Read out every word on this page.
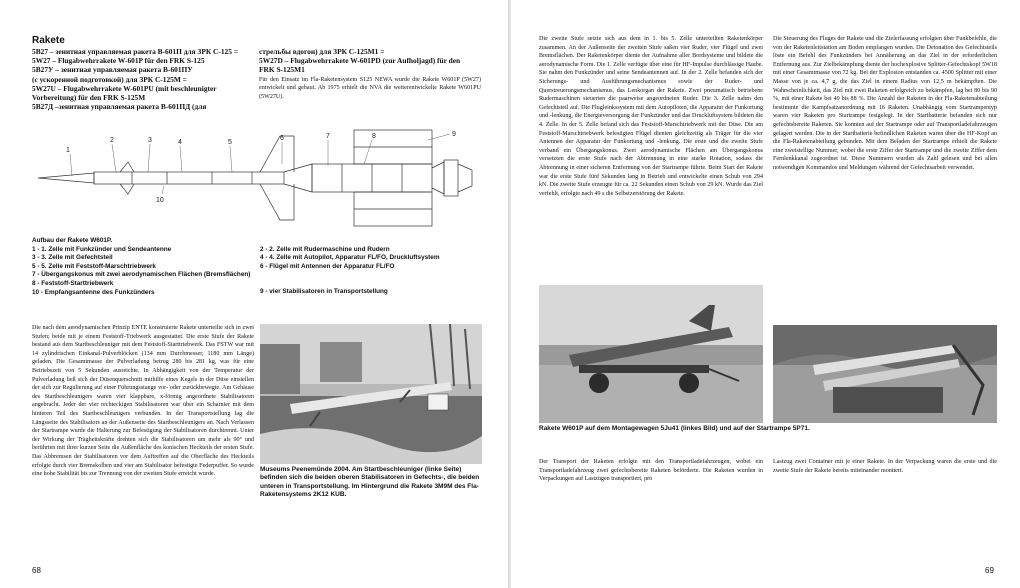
Rakete
5В27 – зенитная управляемая ракета В-601П для ЗРК С-125 =
5W27 – Flugabwehrrakete W-601P für den FRK S-125
5В27У – зенитная управляемая ракета В-601ПУ
(с ускоренной подготовкой) для ЗРК С-125М =
5W27U – Flugabwehrrakete W-601PU (mit beschleunigter
Vorbereitung) für den FRK S-125M
5В27Д –зенитная управляемая ракета В-601ПД (для
стрельбы вдогон) для ЗРК С-125М1 =
5W27D – Flugabwehrrakete W-601PD (zur Aufholjagd) für den
FRK S-125M1

Für den Einsatz im Fla-Raketensystem S125 NEWA wurde die Rakete W601P (5W27) entwickelt und gebaut. Ab 1975 erhielt die NVA die weiterentwickelte Rakete W601PU (5W27U).

1
2	3	4	5
6	7	8	9
10
Aufbau der Rakete W601P.
1 - 1. Zelle mit Funkzünder und Sendeantenne
3 - 3. Zelle mit Gefechtsteil
5 - 5. Zelle mit Feststoff-Marschtriebwerk
7 - Übergangskonus mit zwei aerodynamischen Flächen (Bremsflächen)
8 - Feststoff-Starttriebwerk
10 - Empfangsantenne des Funkzünders
2 - 2. Zelle mit Rudermaschine und Rudern
4 - 4. Zelle mit Autopilot, Apparatur FL/FO, Druckluftsystem
6 - Flügel mit Antennen der Apparatur FL/FO
9 - vier Stabilisatoren in Transportstellung

Die nach dem aerodynamischen Prinzip ENTE konstruierte Rakete unterteilte sich in zwei Stufen; beide mit je einem Feststoff-Triebwerk ausgestattet. Die erste Stufe der Rakete bestand aus dem Startbeschleuniger mit dem Feststoff-Starttriebwerk. Das FSTW war mit 14 zylindrischen Einkanal-Pulverblöcken (134 mm Durchmesser, 1180 mm Länge) geladen. Die Gesamtmasse der Pulverladung betrug 280 bis 281 kg, was für eine Betriebszeit von 5 Sekunden ausreichte. In Abhängigkeit von der Temperatur der Pulverladung ließ sich der Düsenquerschnitt mithilfe eines Kegels in der Düse einstellen der sich zur Regulierung auf einer Führungsstange vor- oder zurückbewegte. Am Gehäuse des Startbeschleunigers waren vier klappbare, x-förmig angeordnete Stabilisatoren angebracht. Jeder der vier rechteckigen Stabilisatoren war über ein Scharnier mit dem hinteren Teil des Startbeschleunigers verbunden. In der Transportstellung lag die Längsseite des Stabilisators an der Außenseite des Startbeschleunigers an. Nach Verlassen der Startrampe wurde die Halterung zur Befestigung der Stabilisatoren durchtrennt. Unter der Wirkung der Trägheitskräfte drehten sich die Stabilisatoren um mehr als 90° und berührten mit ihrer kurzen Seite die Außenfläche des konischen Heckteils der ersten Stufe. Das Abbremsen der Stabilisatoren vor dem Auftreffen auf die Oberfläche des Heckteils erfolgte durch vier Bremskolben und vier am Stabilisator befestigte Federpuffer. So wurde eine hohe Stabilität bis zur Trennung von der zweiten Stufe erreicht wurde.

Museums Peenemünde 2004. Am Startbeschleuniger (linke Seite) befinden sich die beiden oberen Stabilisatoren in Gefechts-, die beiden unteren in Transportstellung. Im Hintergrund die Rakete 3M9M des Fla-Raketensystems 2K12 KUB.

68

Die zweite Stufe setzte sich aus dem in 1. bis 5. Zelle unterteilten Raketenkörper zusammen. An der Außenseite der zweiten Stufe saßen vier Ruder, vier Flügel und zwei Bremsflächen. Der Raketenkörper diente der Aufnahme aller Bordsysteme und bildete die aerodynamische Form. Die 1. Zelle verfügte über eine für HF-Impulse durchlässige Haube. Sie nahm den Funkzünder und seine Sendeantennen auf. In der 2. Zelle befanden sich der Sicherungs- und Ausführungsmechanismus sowie der Ruder- und Querstreuerungsmechanismus, das Lenkorgan der Rakete. Zwei pneumatisch betriebene Rudermaschinen steuerten die paarweise angeordneten Ruder. Die 3. Zelle nahm den Gefechtsteil auf. Die Flugleinkssystem mit dem Autopiloten, die Apparatur der Funkortung und -lenkung, die Energieversorgung der Funkzünder und das Druckluftsystem bildeten die 4. Zelle. In der 5. Zelle befand sich das Feststoff-Marschtriebwerk mit der Düse. Die am Feststoff-Marschtriebwerk befestigten Flügel dienten gleichzeitig als Träger für die vier Antennen der Apparatur der Funkortung und -lenkung. Die erste und die zweite Stufe verband ein Übergangskonus. Zwei aerodynamische Flächen am Übergangskonus versetzten die erste Stufe nach der Abtrennung in eine starke Rotation, sodass die Abtrennung in einer sicheren Entfernung von der Startrampe führte. Beim Start der Rakete war die erste Stufe fünf Sekunden lang in Betrieb und entwickelte einen Schub von 294 kN. Die zweite Stufe erzeugte für ca. 22 Sekunden einen Schub von 29 kN. Wurde das Ziel verfehlt, erfolgte nach 49 s die Selbstzerstörung der Rakete.

Die Steuerung des Fluges der Rakete und die Zielerfassung erfolgten über Funkbefehle, die von der Raketenleitstation am Boden empfangen wurden. Die Detonation des Gefechtsteils löste ein Befehl des Funkzünders bei Annäherung an das Ziel in der erforderlichen Entfernung aus. Zur Zielbekämpfung diente der hochexplosive Splitter-Gefechtskopf 5W18 mit einer Gesamtmasse von 72 kg. Bei der Explosion entstanden ca. 4500 Splitter mit einer Masse von je ca. 4,7 g, die das Ziel in einem Radius von 12,5 m bekämpften. Die Wahrscheinlichkeit, das Ziel mit zwei Raketen erfolgreich zu bekämpfen, lag bei 80 bis 90 %, mit einer Rakete bei 49 bis 88 %. Die Anzahl der Raketen in der Fla-Raketenabteilung bestimmte die Kampfsatzanordnung mit 16 Raketen. Unabhängig vom Startrampentyp waren vier Raketen pro Startrampe festgelegt. In der Startbatterie befanden sich nur gefechtsbereite Raketen. Sie konnten auf der Startrampe oder auf Transportladefahrzeugen gelagert werden. Die in der Startbatterie befindlichen Raketen waren über die HF-Kopf an die Fla-Raketenabteilung gebunden. Mit dem Beladen der Startrampe erhielt die Rakete eine zweistellige Nummer, wobei die erste Ziffer der Startrampe und die zweite Ziffer dem Fernlenkkanal zugeordnet ist. Diese Nummern wurden als Zahl gelesen und bei allen notwendigen Kommandos und Meldungen während der Gefechtsarbeit verwendet.

Rakete W601P auf dem Montagewagen 5Ju41 (linkes Bild) und auf der Startrampe 5P71.

Der Transport der Raketen erfolgte mit den Transportladefahrzeugen, wobei ein Transportladefahrzeug zwei gefechtsbereite Raketen beförderte. Die Raketen wurden in Verpackungen auf Lastzügen transportiert, pro

Lastzug zwei Container mit je einer Rakete. In der Verpackung waren die erste und die zweite Stufe der Rakete bereits miteinander montiert.

69
